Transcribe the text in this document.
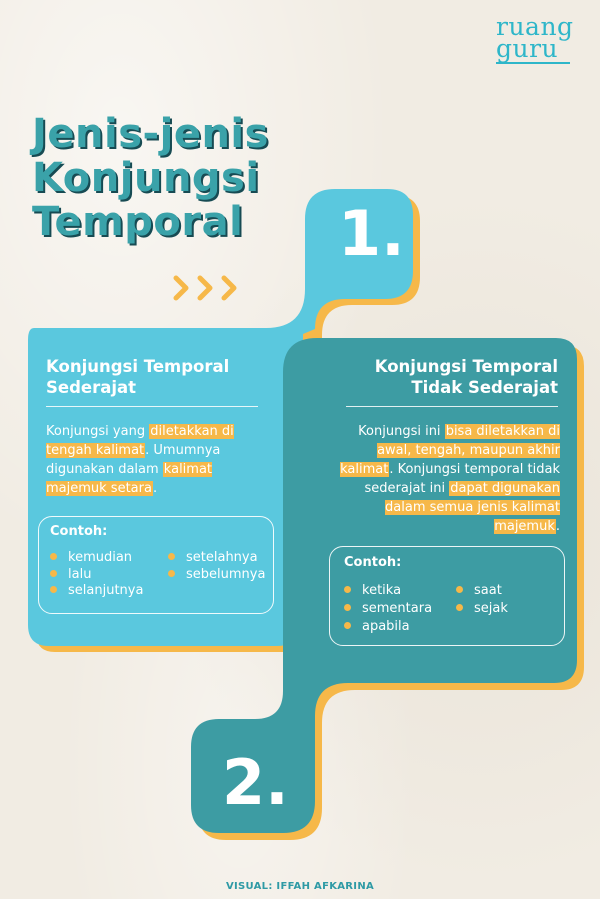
ruang
guru
Jenis-jenis
Konjungsi
Temporal	1.
2.
Konjungsi Temporal
Sederajat
Konjungsi yang diletakkan di tengah kalimat. Umumnya digunakan dalam kalimat majemuk setara.
Contoh:
kemudian
lalu
selanjutnya
setelahnya
sebelumnya
Konjungsi Temporal
Tidak Sederajat
Konjungsi ini bisa diletakkan di awal, tengah, maupun akhir kalimat. Konjungsi temporal tidak sederajat ini dapat digunakan dalam semua jenis kalimat majemuk.
Contoh:
ketika
sementara
apabila
saat
sejak
VISUAL: IFFAH AFKARINA
